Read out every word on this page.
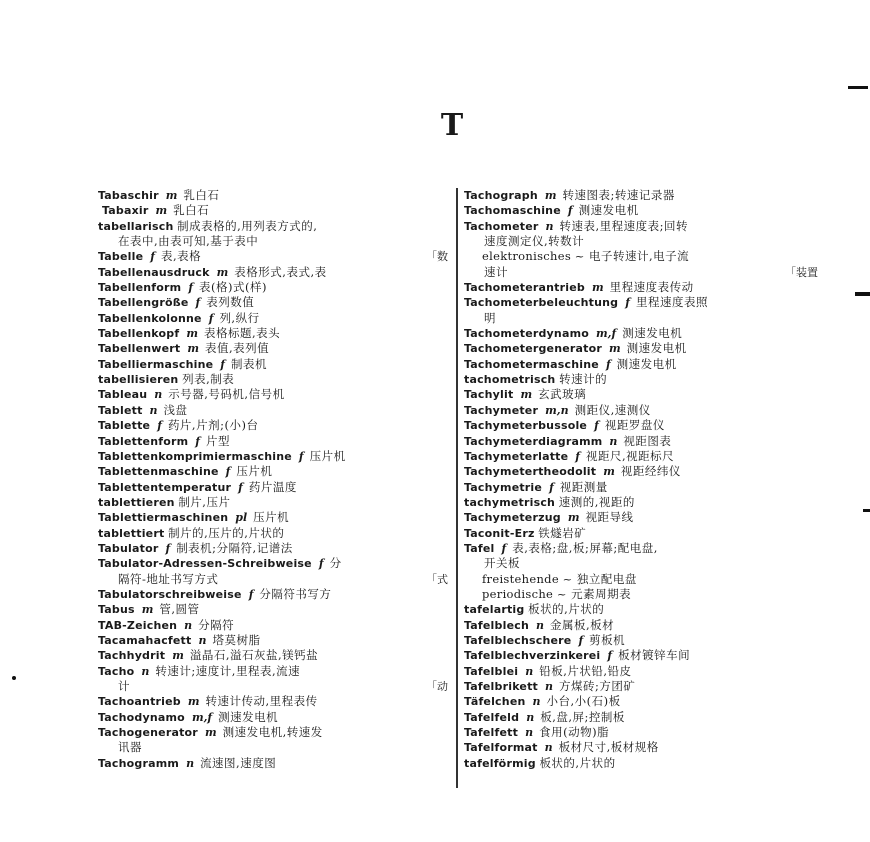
T
Tabaschir m 乳白石
Tabaxir m 乳白石
tabellarisch 制成表格的,用列表方式的,
在表中,由表可知,基于表中
Tabelle f 表,表格	「数
Tabellenausdruck m 表格形式,表式,表
Tabellenform f 表(格)式(样)
Tabellengröße f 表列数值
Tabellenkolonne f 列,纵行
Tabellenkopf m 表格标题,表头
Tabellenwert m 表值,表列值
Tabelliermaschine f 制表机
tabellisieren 列表,制表
Tableau n 示号器,号码机,信号机
Tablett n 浅盘
Tablette f 药片,片剂;(小)台
Tablettenform f 片型
Tablettenkomprimiermaschine f 压片机
Tablettenmaschine f 压片机
Tablettentemperatur f 药片温度
tablettieren 制片,压片
Tablettiermaschinen pl 压片机
tablettiert 制片的,压片的,片状的
Tabulator f 制表机;分隔符,记谱法
Tabulator-Adressen-Schreibweise f 分
隔符-地址书写方式	「式
Tabulatorschreibweise f 分隔符书写方
Tabus m 管,圆管
TAB-Zeichen n 分隔符
Tacamahacfett n 塔莫树脂
Tachhydrit m 溢晶石,溢石灰盐,镁钙盐
Tacho n 转速计;速度计,里程表,流速
计	「动
Tachoantrieb m 转速计传动,里程表传
Tachodynamo m,f 测速发电机
Tachogenerator m 测速发电机,转速发
讯器
Tachogramm n 流速图,速度图
Tachograph m 转速图表;转速记录器
Tachomaschine f 测速发电机
Tachometer n 转速表,里程速度表;回转
速度测定仪,转数计
elektronisches ~ 电子转速计,电子流
速计	「装置
Tachometerantrieb m 里程速度表传动
Tachometerbeleuchtung f 里程速度表照
明
Tachometerdynamo m,f 测速发电机
Tachometergenerator m 测速发电机
Tachometermaschine f 测速发电机
tachometrisch 转速计的
Tachylit m 玄武玻璃
Tachymeter m,n 测距仪,速测仪
Tachymeterbussole f 视距罗盘仪
Tachymeterdiagramm n 视距图表
Tachymeterlatte f 视距尺,视距标尺
Tachymetertheodolit m 视距经纬仪
Tachymetrie f 视距测量
tachymetrisch 速测的,视距的
Tachymeterzug m 视距导线
Taconit-Erz 铁燧岩矿
Tafel f 表,表格;盘,板;屏幕;配电盘,
开关板
freistehende ~ 独立配电盘
periodische ~ 元素周期表
tafelartig 板状的,片状的
Tafelblech n 金属板,板材
Tafelblechschere f 剪板机
Tafelblechverzinkerei f 板材镀锌车间
Tafelblei n 铅板,片状铅,铅皮
Tafelbrikett n 方煤砖;方团矿
Täfelchen n 小台,小(石)板
Tafelfeld n 板,盘,屏;控制板
Tafelfett n 食用(动物)脂
Tafelformat n 板材尺寸,板材规格
tafelförmig 板状的,片状的
